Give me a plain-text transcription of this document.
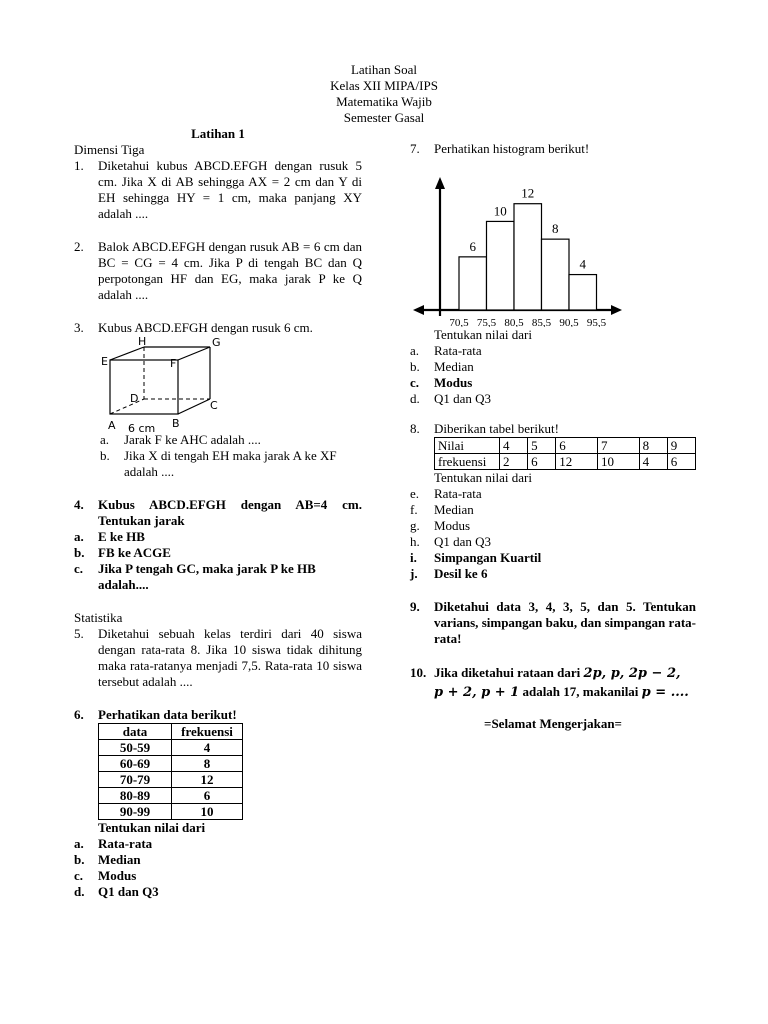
Latihan Soal
Kelas XII MIPA/IPS
Matematika Wajib
Semester Gasal
Latihan 1
Dimensi Tiga
1. Diketahui kubus ABCD.EFGH dengan rusuk 5 cm. Jika X di AB sehingga AX = 2 cm dan Y di EH sehingga HY = 1 cm, maka panjang XY adalah ....
2. Balok ABCD.EFGH dengan rusuk AB = 6 cm dan BC = CG = 4 cm. Jika P di tengah BC dan Q perpotongan HF dan EG, maka jarak P ke Q adalah ....
3. Kubus ABCD.EFGH dengan rusuk 6 cm.
E
H	G
F
D
C
A	B
6 cm
a. Jarak F ke AHC adalah ....
b. Jika X di tengah EH maka jarak A ke XF adalah ....
4. Kubus ABCD.EFGH dengan AB=4 cm. Tentukan jarak
a. E ke HB
b. FB ke ACGE
c. Jika P tengah GC, maka jarak P ke HB adalah....
Statistika
5. Diketahui sebuah kelas terdiri dari 40 siswa dengan rata-rata 8. Jika 10 siswa tidak dihitung maka rata-ratanya menjadi 7,5. Rata-rata 10 siswa tersebut adalah ....
6. Perhatikan data berikut!
data	frekuensi
50-59	4
60-69	8
70-79	12
80-89	6
90-99	10
Tentukan nilai dari
a. Rata-rata
b. Median
c. Modus
d. Q1 dan Q3
7. Perhatikan histogram berikut!
6
10
12
8
4
70,5 75,5 80,5 85,5 90,5 95,5
Tentukan nilai dari
a. Rata-rata
b. Median
c. Modus
d. Q1 dan Q3
8. Diberikan tabel berikut!
Nilai	4	5	6	7	8	9
frekuensi	2	6	12	10	4	6
Tentukan nilai dari
e. Rata-rata
f. Median
g. Modus
h. Q1 dan Q3
i. Simpangan Kuartil
j. Desil ke 6
9. Diketahui data 3, 4, 3, 5, dan 5. Tentukan varians, simpangan baku, dan simpangan rata-rata!
10. Jika diketahui rataan dari 2p, p, 2p − 2,
p + 2, p + 1 adalah 17, makanilai p = ....
=Selamat Mengerjakan=
